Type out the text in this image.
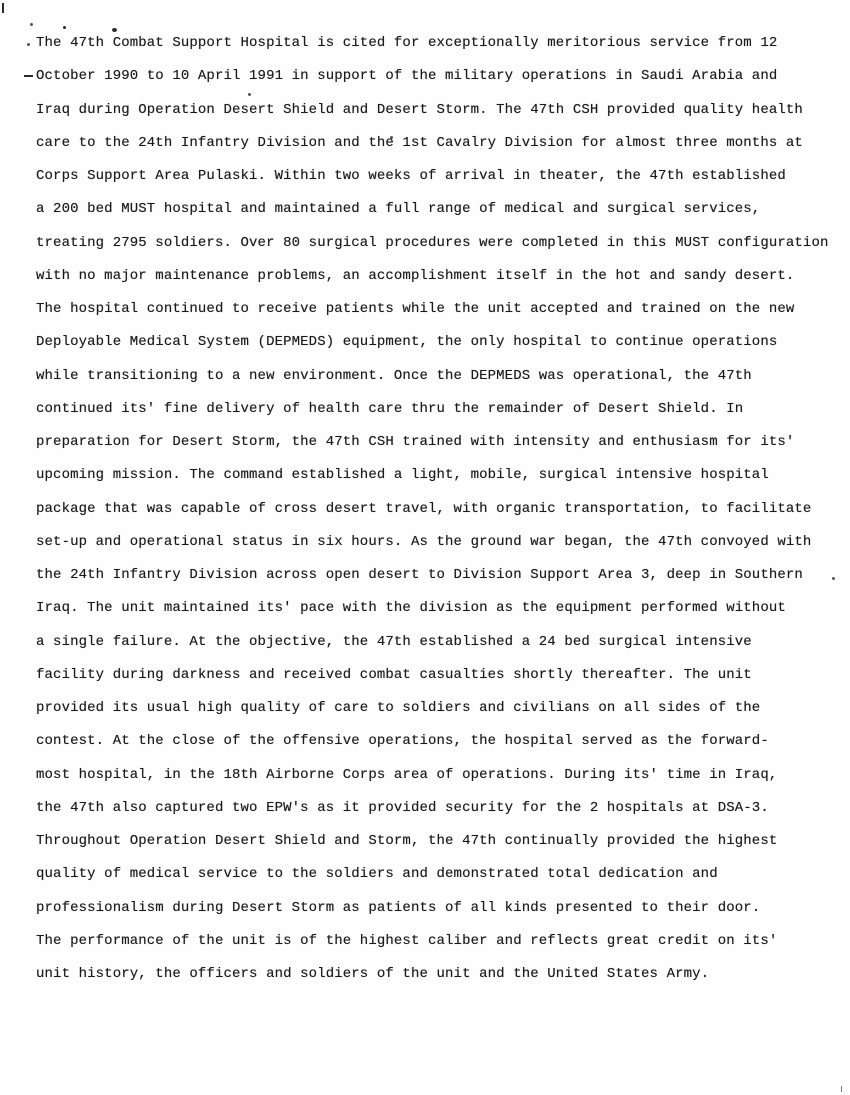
The 47th Combat Support Hospital is cited for exceptionally meritorious service from 12
October 1990 to 10 April 1991 in support of the military operations in Saudi Arabia and
Iraq during Operation Desert Shield and Desert Storm. The 47th CSH provided quality health
care to the 24th Infantry Division and the 1st Cavalry Division for almost three months at
Corps Support Area Pulaski. Within two weeks of arrival in theater, the 47th established
a 200 bed MUST hospital and maintained a full range of medical and surgical services,
treating 2795 soldiers. Over 80 surgical procedures were completed in this MUST configuration
with no major maintenance problems, an accomplishment itself in the hot and sandy desert.
The hospital continued to receive patients while the unit accepted and trained on the new
Deployable Medical System (DEPMEDS) equipment, the only hospital to continue operations
while transitioning to a new environment. Once the DEPMEDS was operational, the 47th
continued its' fine delivery of health care thru the remainder of Desert Shield. In
preparation for Desert Storm, the 47th CSH trained with intensity and enthusiasm for its'
upcoming mission. The command established a light, mobile, surgical intensive hospital
package that was capable of cross desert travel, with organic transportation, to facilitate
set-up and operational status in six hours. As the ground war began, the 47th convoyed with
the 24th Infantry Division across open desert to Division Support Area 3, deep in Southern
Iraq. The unit maintained its' pace with the division as the equipment performed without
a single failure. At the objective, the 47th established a 24 bed surgical intensive
facility during darkness and received combat casualties shortly thereafter. The unit
provided its usual high quality of care to soldiers and civilians on all sides of the
contest. At the close of the offensive operations, the hospital served as the forward-
most hospital, in the 18th Airborne Corps area of operations. During its' time in Iraq,
the 47th also captured two EPW's as it provided security for the 2 hospitals at DSA-3.
Throughout Operation Desert Shield and Storm, the 47th continually provided the highest
quality of medical service to the soldiers and demonstrated total dedication and
professionalism during Desert Storm as patients of all kinds presented to their door.
The performance of the unit is of the highest caliber and reflects great credit on its'
unit history, the officers and soldiers of the unit and the United States Army.
